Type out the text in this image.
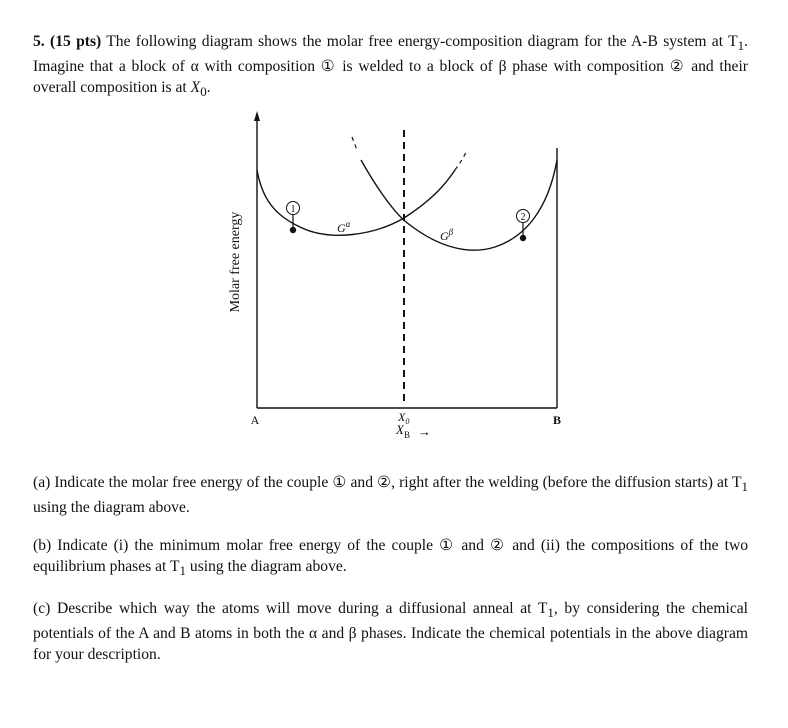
5. (15 pts) The following diagram shows the molar free energy-composition diagram for the A-B system at $T_1$. Imagine that a block of α with composition ① is welded to a block of β phase with composition ② and their overall composition is at $X_0$.

1
2
$G^\alpha$
$G^\beta$
Molar free energy
A	B
$X_0$
$X_B$ →

(a) Indicate the molar free energy of the couple ① and ②, right after the welding (before the diffusion starts) at $T_1$ using the diagram above.

(b) Indicate (i) the minimum molar free energy of the couple ① and ② and (ii) the compositions of the two equilibrium phases at $T_1$ using the diagram above.

(c) Describe which way the atoms will move during a diffusional anneal at $T_1$, by considering the chemical potentials of the A and B atoms in both the α and β phases. Indicate the chemical potentials in the above diagram for your description.
